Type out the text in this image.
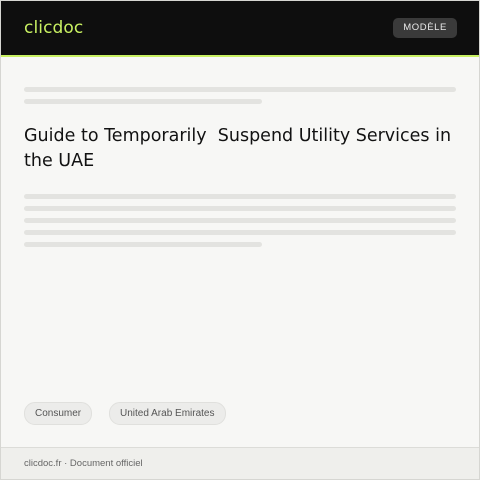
clicdoc	MODÈLE
Guide to Temporarily  Suspend Utility Services in the UAE
Consumer	United Arab Emirates
clicdoc.fr · Document officiel
